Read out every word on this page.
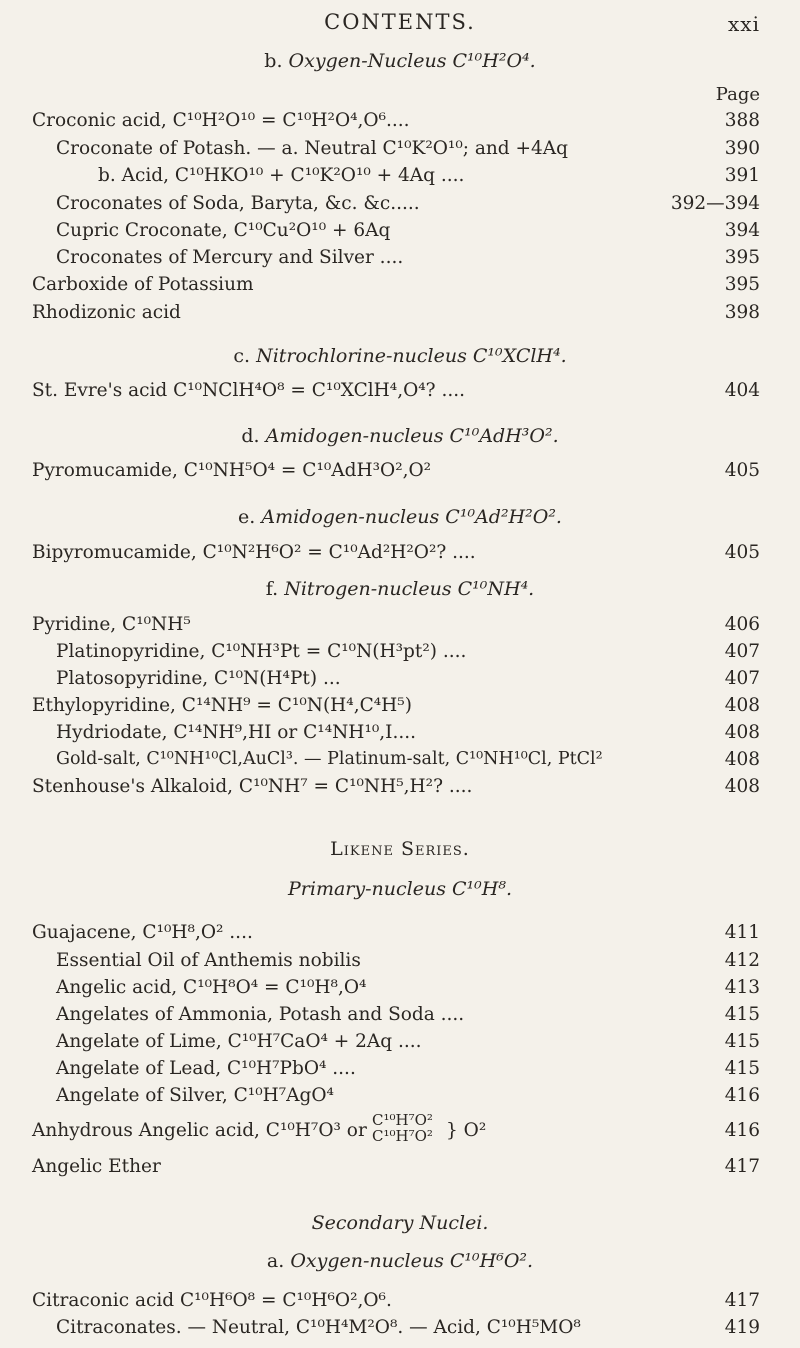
CONTENTS.	xxi
b. Oxygen-Nucleus C¹⁰H²O⁴.
Page
Croconic acid, C¹⁰H²O¹⁰ = C¹⁰H²O⁴,O⁶....	388
Croconate of Potash. — a. Neutral C¹⁰K²O¹⁰; and +4Aq	390
b. Acid, C¹⁰HKO¹⁰ + C¹⁰K²O¹⁰ + 4Aq ....	391
Croconates of Soda, Baryta, &c. &c.....	392—394
Cupric Croconate, C¹⁰Cu²O¹⁰ + 6Aq	394
Croconates of Mercury and Silver ....	395
Carboxide of Potassium	395
Rhodizonic acid	398
c. Nitrochlorine-nucleus C¹⁰XClH⁴.
St. Evre's acid C¹⁰NClH⁴O⁸ = C¹⁰XClH⁴,O⁴? ....	404
d. Amidogen-nucleus C¹⁰AdH³O².
Pyromucamide, C¹⁰NH⁵O⁴ = C¹⁰AdH³O²,O²	405
e. Amidogen-nucleus C¹⁰Ad²H²O².
Bipyromucamide, C¹⁰N²H⁶O² = C¹⁰Ad²H²O²? ....	405
f. Nitrogen-nucleus C¹⁰NH⁴.
Pyridine, C¹⁰NH⁵	406
Platinopyridine, C¹⁰NH³Pt = C¹⁰N(H³pt²) ....	407
Platosopyridine, C¹⁰N(H⁴Pt) ...	407
Ethylopyridine, C¹⁴NH⁹ = C¹⁰N(H⁴,C⁴H⁵)	408
Hydriodate, C¹⁴NH⁹,HI or C¹⁴NH¹⁰,I....	408
Gold-salt, C¹⁰NH¹⁰Cl,AuCl³. — Platinum-salt, C¹⁰NH¹⁰Cl, PtCl²	408
Stenhouse's Alkaloid, C¹⁰NH⁷ = C¹⁰NH⁵,H²? ....	408
Likene Series.
Primary-nucleus C¹⁰H⁸.
Guajacene, C¹⁰H⁸,O² ....	411
Essential Oil of Anthemis nobilis	412
Angelic acid, C¹⁰H⁸O⁴ = C¹⁰H⁸,O⁴	413
Angelates of Ammonia, Potash and Soda ....	415
Angelate of Lime, C¹⁰H⁷CaO⁴ + 2Aq ....	415
Angelate of Lead, C¹⁰H⁷PbO⁴ ....	415
Angelate of Silver, C¹⁰H⁷AgO⁴	416
Anhydrous Angelic acid, C¹⁰H⁷O³ or C¹⁰H⁷O²
C¹⁰H⁷O² } O²	416
Angelic Ether	417
Secondary Nuclei.
a. Oxygen-nucleus C¹⁰H⁶O².
Citraconic acid C¹⁰H⁶O⁸ = C¹⁰H⁶O²,O⁶.	417
Citraconates. — Neutral, C¹⁰H⁴M²O⁸. — Acid, C¹⁰H⁵MO⁸	419
